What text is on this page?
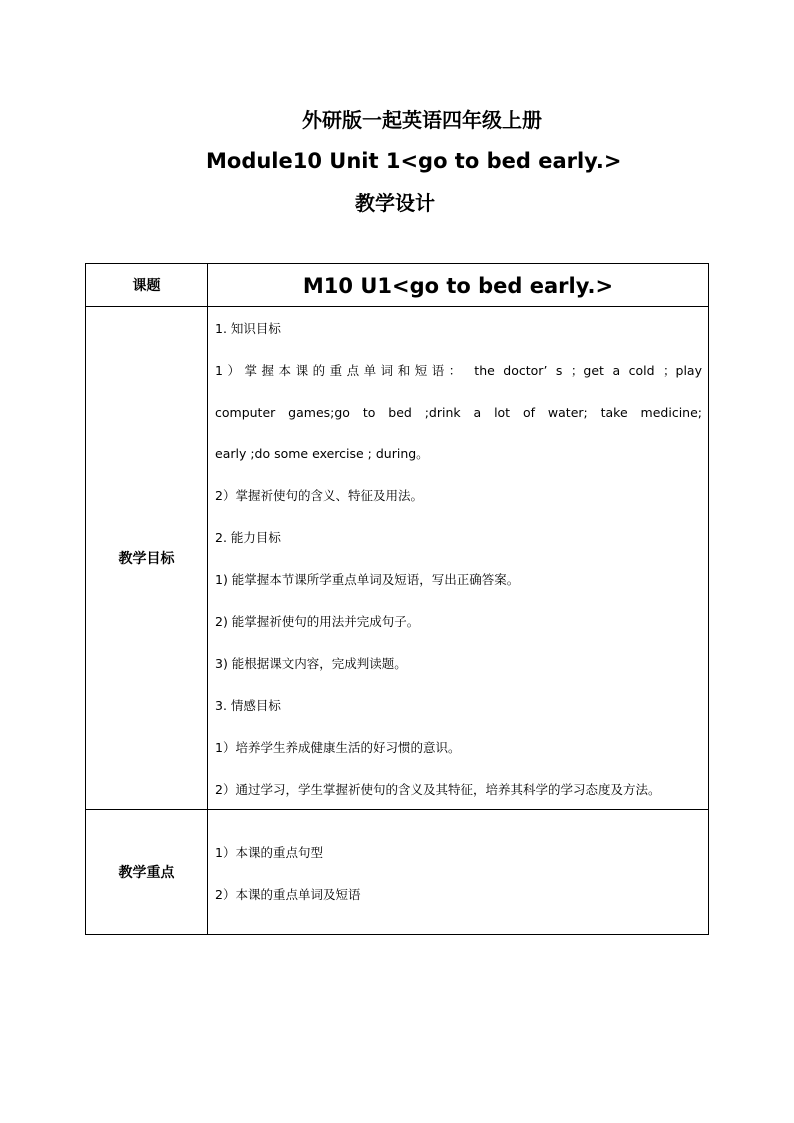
外研版一起英语四年级上册
Module10 Unit 1<go to bed early.>
教学设计
课题	M10 U1<go to bed early.>
教学目标
1. 知识目标
1）掌握本课的重点单词和短语： the doctor’ s ；get a cold ；play
computer games;go to bed ;drink a lot of water; take medicine;
early ;do some exercise ; during。
2）掌握祈使句的含义、特征及用法。
2. 能力目标
1) 能掌握本节课所学重点单词及短语，写出正确答案。
2) 能掌握祈使句的用法并完成句子。
3) 能根据课文内容，完成判读题。
3. 情感目标
1）培养学生养成健康生活的好习惯的意识。
2）通过学习，学生掌握祈使句的含义及其特征，培养其科学的学习态度及方法。
教学重点
1）本课的重点句型
2）本课的重点单词及短语
